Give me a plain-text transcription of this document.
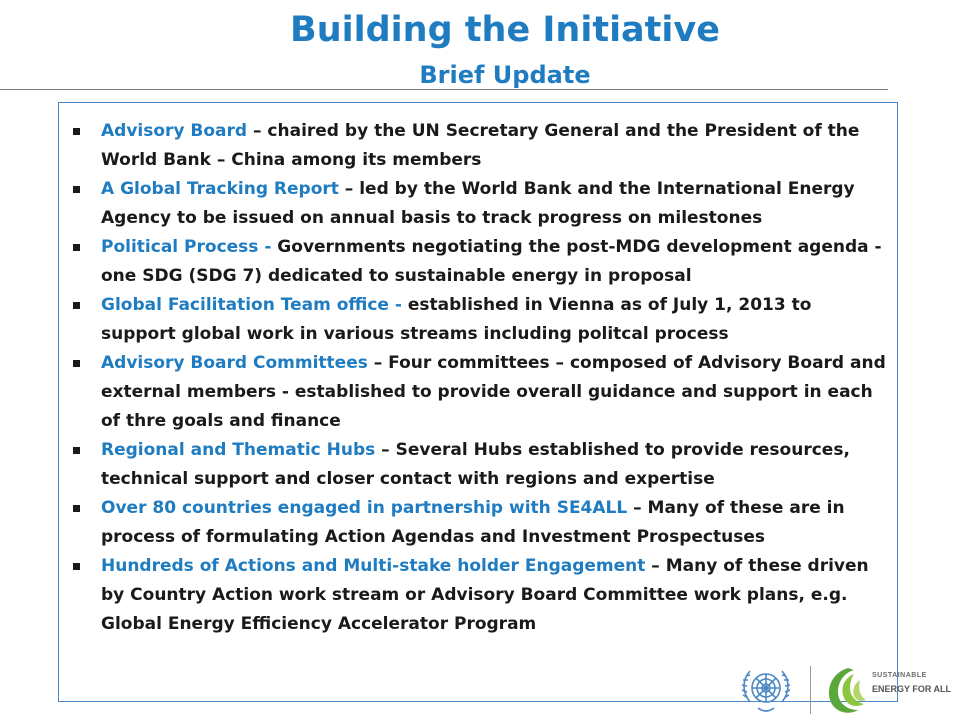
Building the Initiative
Brief Update
Advisory Board – chaired by the UN Secretary General and the President of the World Bank – China among its members
A Global Tracking Report – led by the World Bank and the International Energy Agency to be issued on annual basis to track progress on milestones
Political Process - Governments negotiating the post-MDG development agenda - one SDG (SDG 7) dedicated to sustainable energy in proposal
Global Facilitation Team office - established in Vienna as of July 1, 2013 to support global work in various streams including politcal process
Advisory Board Committees – Four committees – composed of Advisory Board and external members - established to provide overall guidance and support in each of thre goals and finance
Regional and Thematic Hubs – Several Hubs established to provide resources, technical support and closer contact with regions and expertise
Over 80 countries engaged in partnership with SE4ALL – Many of these are in process of formulating Action Agendas and Investment Prospectuses
Hundreds of Actions and Multi-stake holder Engagement – Many of these driven by Country Action work stream or Advisory Board Committee work plans, e.g. Global Energy Efficiency Accelerator Program
SUSTAINABLE
ENERGY FOR ALL
